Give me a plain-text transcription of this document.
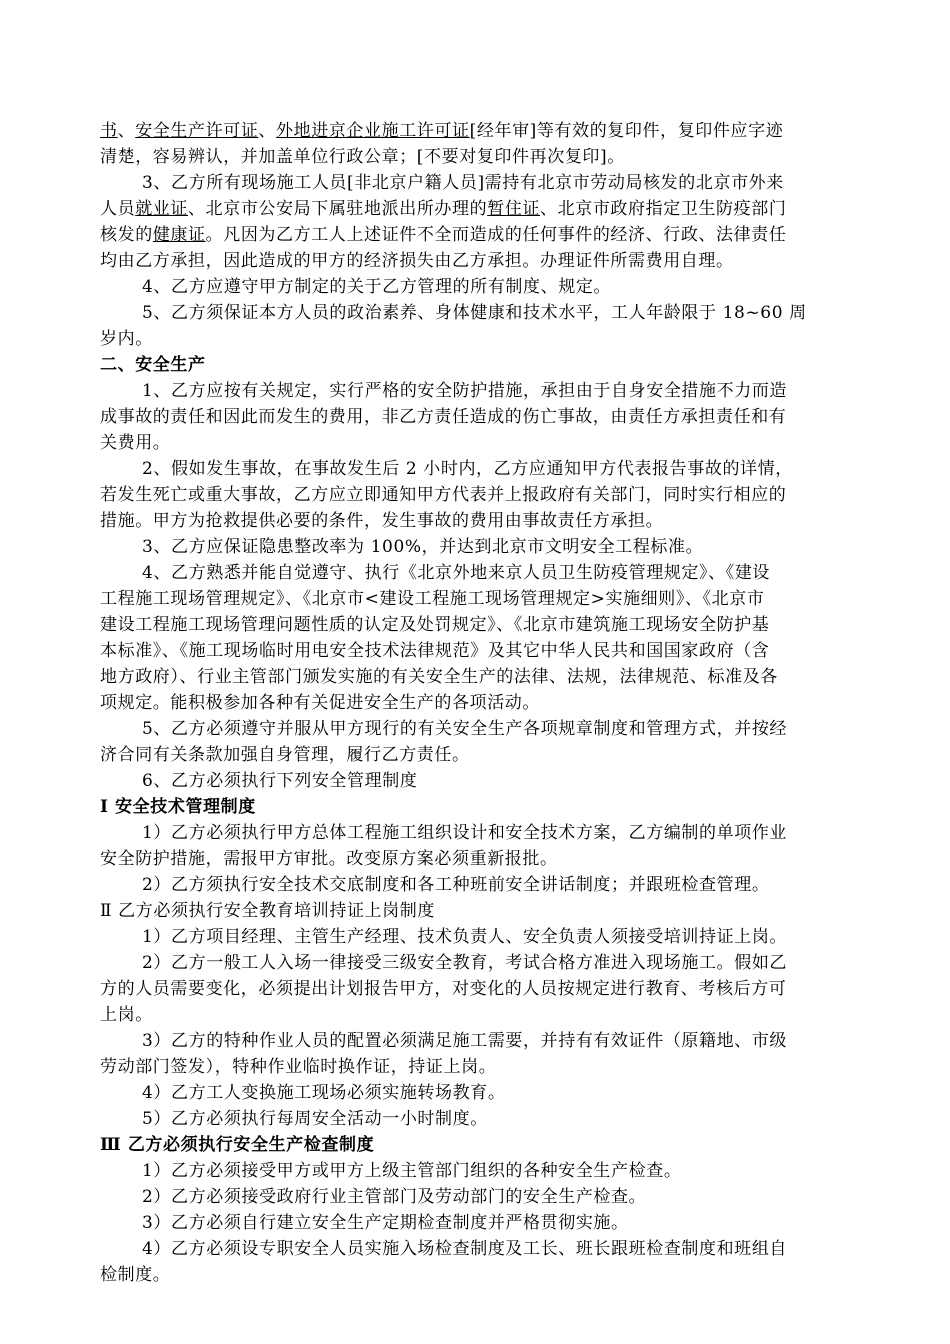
书、安全生产许可证、外地进京企业施工许可证[经年审]等有效的复印件，复印件应字迹
清楚，容易辨认，并加盖单位行政公章；[不要对复印件再次复印]。
3、乙方所有现场施工人员[非北京户籍人员]需持有北京市劳动局核发的北京市外来
人员就业证、北京市公安局下属驻地派出所办理的暂住证、北京市政府指定卫生防疫部门
核发的健康证。凡因为乙方工人上述证件不全而造成的任何事件的经济、行政、法律责任
均由乙方承担，因此造成的甲方的经济损失由乙方承担。办理证件所需费用自理。
4、乙方应遵守甲方制定的关于乙方管理的所有制度、规定。
5、乙方须保证本方人员的政治素养、身体健康和技术水平，工人年龄限于 18~60 周
岁内。
二、安全生产
1、乙方应按有关规定，实行严格的安全防护措施，承担由于自身安全措施不力而造
成事故的责任和因此而发生的费用，非乙方责任造成的伤亡事故，由责任方承担责任和有
关费用。
2、假如发生事故，在事故发生后 2 小时内，乙方应通知甲方代表报告事故的详情，
若发生死亡或重大事故，乙方应立即通知甲方代表并上报政府有关部门，同时实行相应的
措施。甲方为抢救提供必要的条件，发生事故的费用由事故责任方承担。
3、乙方应保证隐患整改率为 100%，并达到北京市文明安全工程标准。
4、乙方熟悉并能自觉遵守、执行《北京外地来京人员卫生防疫管理规定》、《建设
工程施工现场管理规定》、《北京市<建设工程施工现场管理规定>实施细则》、《北京市
建设工程施工现场管理问题性质的认定及处罚规定》、《北京市建筑施工现场安全防护基
本标准》、《施工现场临时用电安全技术法律规范》及其它中华人民共和国国家政府（含
地方政府）、行业主管部门颁发实施的有关安全生产的法律、法规，法律规范、标准及各
项规定。能积极参加各种有关促进安全生产的各项活动。
5、乙方必须遵守并服从甲方现行的有关安全生产各项规章制度和管理方式，并按经
济合同有关条款加强自身管理，履行乙方责任。
6、乙方必须执行下列安全管理制度
Ⅰ 安全技术管理制度
1）乙方必须执行甲方总体工程施工组织设计和安全技术方案，乙方编制的单项作业
安全防护措施，需报甲方审批。改变原方案必须重新报批。
2）乙方须执行安全技术交底制度和各工种班前安全讲话制度；并跟班检查管理。
Ⅱ 乙方必须执行安全教育培训持证上岗制度
1）乙方项目经理、主管生产经理、技术负责人、安全负责人须接受培训持证上岗。
2）乙方一般工人入场一律接受三级安全教育，考试合格方准进入现场施工。假如乙
方的人员需要变化，必须提出计划报告甲方，对变化的人员按规定进行教育、考核后方可
上岗。
3）乙方的特种作业人员的配置必须满足施工需要，并持有有效证件（原籍地、市级
劳动部门签发），特种作业临时换作证，持证上岗。
4）乙方工人变换施工现场必须实施转场教育。
5）乙方必须执行每周安全活动一小时制度。
Ⅲ 乙方必须执行安全生产检查制度
1）乙方必须接受甲方或甲方上级主管部门组织的各种安全生产检查。
2）乙方必须接受政府行业主管部门及劳动部门的安全生产检查。
3）乙方必须自行建立安全生产定期检查制度并严格贯彻实施。
4）乙方必须设专职安全人员实施入场检查制度及工长、班长跟班检查制度和班组自
检制度。
